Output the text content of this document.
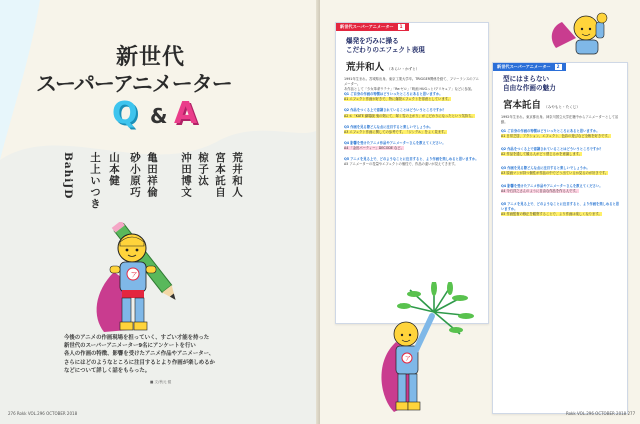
新世代
スーパーアニメーター
Q & A
荒井和人
宮本託自
椋子汰
沖田博文
亀田祥倫
砂小原巧
山本健
土上いつき
BahiJD
ア
今後のアニメの作画現場を担っていく、すごい才能を持った
新世代のスーパーアニメーター9名にアンケートを行い
各人の作画の特徴、影響を受けたアニメ作品やアニメーター、
さらにはどのようなところに注目するとより作画が楽しめるか
などについて詳しく話をもらった。
■ 文/秋元 健
276 Rokk VOL.296 OCTOBER 2018
新世代スーパーアニメーター 1
爆発を巧みに操る
こだわりのエフェクト表現
荒井和人 （あらい・かずと）
1991年生まれ。宮城県出身。東京工業大学卒。TRIGGER関係を経て、フリーランスのアニメーター。
あ作品として「少女革命ウテナ」「Re:ゼロ」「映画 HUGっと!プリキュア」などに参加。
Q1 ご自身の作画の特徴はどういったところにあると思いますか。
A1 エフェクト作画が好きで、特に爆発エフェクトを得意としています。
Q2 作品をつくる上で意識されていることはどういうところですか？
A2 ①「KATE 劇場版 鬼の剣にて、翠く雪の上がり」がこだわりになったという気持ち。
Q3 作画を見る際どんな点に注目すると楽しいでしょうか。
A3 エフェクト作画に関しての参考です。「ジンデル」をよく見ます。
Q4 影響を受けたアニメ作品やアニメーターさんを教えてください。
A4 「金田パーティー」DECODE など。
Q5 アニメを見る上で、どのようなことに注目すると、より作画を楽しめると思いますか。
A5 アニメーターの技量やエフェクトの個性で、作品の違いが見えてきます。
新世代スーパーアニメーター 2
型にはまらない
自由な作画の魅力
宮本託自 （みやもと・たくじ）
1992年生まれ。東京都出身。神奈川国立大学在籍中からアニメーターとして活動。
Q1 ご自身の作画の特徴はどういったところにあると思いますか。
A1 日常芝居、アクション、エフェクト、色彩の遊びなど全般を好きです。
Q2 作品をつくる上で意識されていることはどういうところですか？
A2 作品を通して観る人がどう感じるかを意識します。
Q3 作画を見る際どんな点に注目すると楽しいでしょうか。
A3 原画マンが持つ個性が作品の中でどう出ているか見るのが好きです。
Q4 影響を受けたアニメ作品やアニメーターさんを教えてください。
A4 今石洋之さんのように自由な作品を作る人です。
Q5 アニメを見る上で、どのようなことに注目すると、より作画を楽しめると思いますか。
A5 作画監督の修正を観察することで、より作画は楽しくなります。
ア
Rokk VOL.296 OCTOBER 2018 277
